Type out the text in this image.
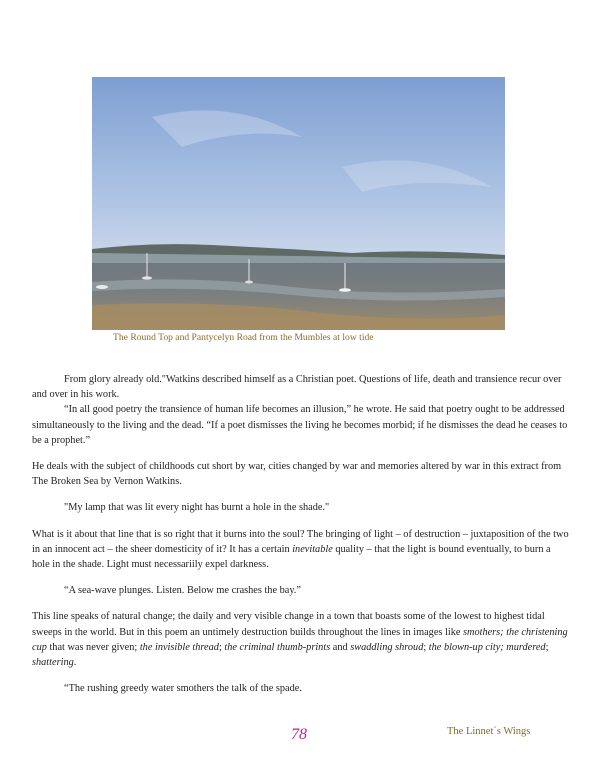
The Round Top and Pantycelyn Road from the Mumbles at low tide

From glory already old."Watkins described himself as a Christian poet. Questions of life, death and transience recur over and over in his work.

“In all good poetry the transience of human life becomes an illusion,” he wrote. He said that poetry ought to be addressed simultaneously to the living and the dead. “If a poet dismisses the living he becomes morbid; if he dismisses the dead he ceases to be a prophet.”

He deals with the subject of childhoods cut short by war, cities changed by war and memories altered by war in this extract from The Broken Sea by Vernon Watkins.

"My lamp that was lit every night has burnt a hole in the shade."

What is it about that line that is so right that it burns into the soul? The bringing of light – of destruction – juxtaposition of the two in an innocent act – the sheer domesticity of it? It has a certain inevitable quality – that the light is bound eventually, to burn a hole in the shade. Light must necessariily expel darkness.

“A sea-wave plunges. Listen. Below me crashes the bay.”

This line speaks of natural change; the daily and very visible change in a town that boasts some of the lowest to highest tidal sweeps in the world. But in this poem an untimely destruction builds throughout the lines in images like smothers; the christening cup that was never given; the invisible thread; the criminal thumb-prints and swaddling shroud; the blown-up city; murdered; shattering.

“The rushing greedy water smothers the talk of the spade.

78	The Linnet´s Wings
